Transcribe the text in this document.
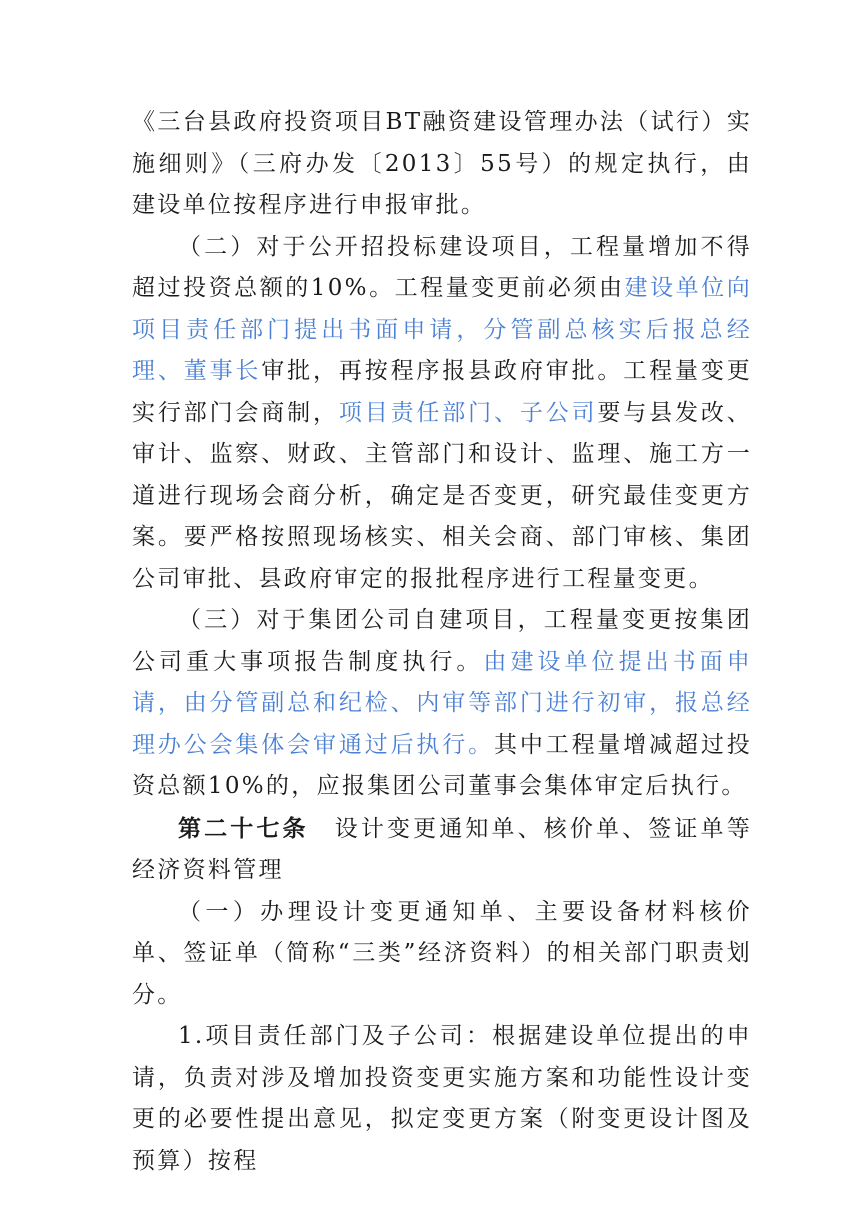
《三台县政府投资项目BT融资建设管理办法（试行）实施细则》（三府办发〔2013〕55号）的规定执行，由建设单位按程序进行申报审批。

（二）对于公开招投标建设项目，工程量增加不得超过投资总额的10%。工程量变更前必须由建设单位向项目责任部门提出书面申请，分管副总核实后报总经理、董事长审批，再按程序报县政府审批。工程量变更实行部门会商制，项目责任部门、子公司要与县发改、审计、监察、财政、主管部门和设计、监理、施工方一道进行现场会商分析，确定是否变更，研究最佳变更方案。要严格按照现场核实、相关会商、部门审核、集团公司审批、县政府审定的报批程序进行工程量变更。

（三）对于集团公司自建项目，工程量变更按集团公司重大事项报告制度执行。由建设单位提出书面申请，由分管副总和纪检、内审等部门进行初审，报总经理办公会集体会审通过后执行。其中工程量增减超过投资总额10%的，应报集团公司董事会集体审定后执行。

第二十七条　设计变更通知单、核价单、签证单等经济资料管理

（一）办理设计变更通知单、主要设备材料核价单、签证单（简称“三类”经济资料）的相关部门职责划分。

1.项目责任部门及子公司：根据建设单位提出的申请，负责对涉及增加投资变更实施方案和功能性设计变更的必要性提出意见，拟定变更方案（附变更设计图及预算）按程
